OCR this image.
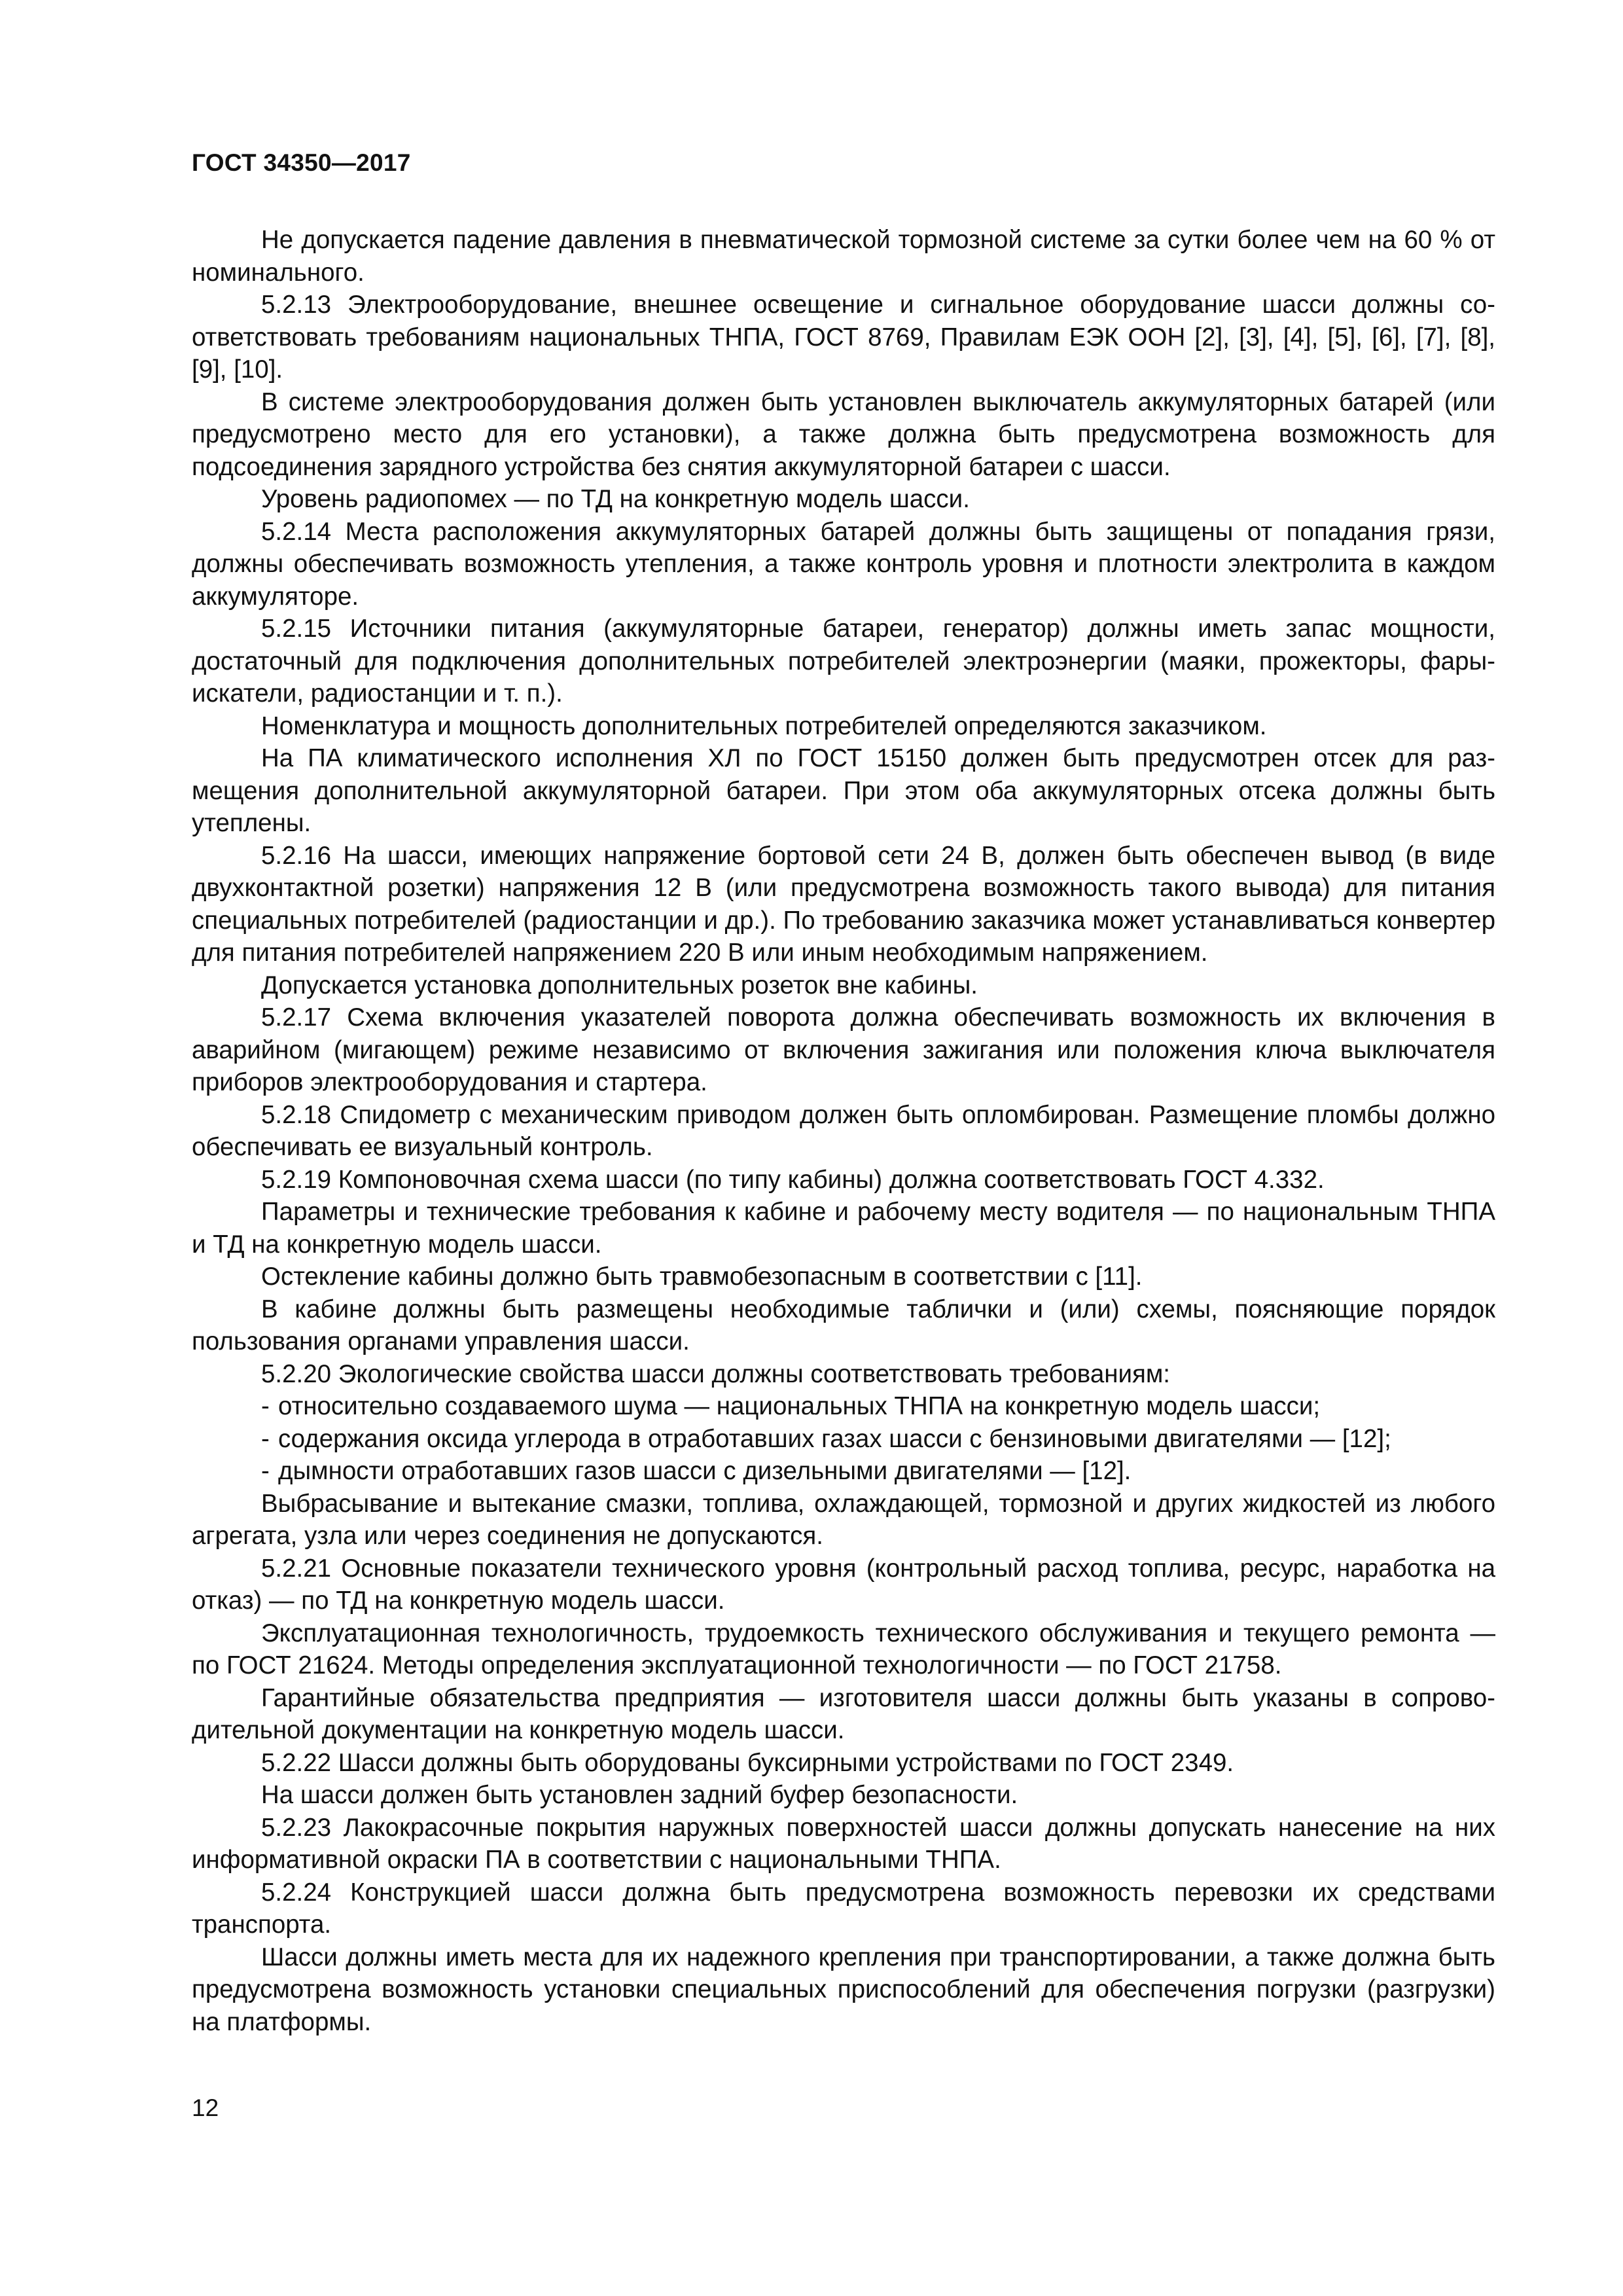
ГОСТ 34350—2017

Не допускается падение давления в пневматической тормозной системе за сутки более чем на 60 % от номинального.

5.2.13 Электрооборудование, внешнее освещение и сигнальное оборудование шасси должны соответствовать требованиям национальных ТНПА, ГОСТ 8769, Правилам ЕЭК ООН [2], [3], [4], [5], [6], [7], [8], [9], [10].

В системе электрооборудования должен быть установлен выключатель аккумуляторных батарей (или предусмотрено место для его установки), а также должна быть предусмотрена возможность для подсоединения зарядного устройства без снятия аккумуляторной батареи с шасси.

Уровень радиопомех — по ТД на конкретную модель шасси.

5.2.14 Места расположения аккумуляторных батарей должны быть защищены от попадания грязи, должны обеспечивать возможность утепления, а также контроль уровня и плотности электролита в каждом аккумуляторе.

5.2.15 Источники питания (аккумуляторные батареи, генератор) должны иметь запас мощности, достаточный для подключения дополнительных потребителей электроэнергии (маяки, прожекторы, фары-искатели, радиостанции и т. п.).

Номенклатура и мощность дополнительных потребителей определяются заказчиком.

На ПА климатического исполнения ХЛ по ГОСТ 15150 должен быть предусмотрен отсек для размещения дополнительной аккумуляторной батареи. При этом оба аккумуляторных отсека должны быть утеплены.

5.2.16 На шасси, имеющих напряжение бортовой сети 24 В, должен быть обеспечен вывод (в виде двухконтактной розетки) напряжения 12 В (или предусмотрена возможность такого вывода) для питания специальных потребителей (радиостанции и др.). По требованию заказчика может устанавливаться конвертер для питания потребителей напряжением 220 В или иным необходимым напряжением.

Допускается установка дополнительных розеток вне кабины.

5.2.17 Схема включения указателей поворота должна обеспечивать возможность их включения в аварийном (мигающем) режиме независимо от включения зажигания или положения ключа выключателя приборов электрооборудования и стартера.

5.2.18 Спидометр с механическим приводом должен быть опломбирован. Размещение пломбы должно обеспечивать ее визуальный контроль.

5.2.19 Компоновочная схема шасси (по типу кабины) должна соответствовать ГОСТ 4.332.

Параметры и технические требования к кабине и рабочему месту водителя — по национальным ТНПА и ТД на конкретную модель шасси.

Остекление кабины должно быть травмобезопасным в соответствии с [11].

В кабине должны быть размещены необходимые таблички и (или) схемы, поясняющие порядок пользования органами управления шасси.

5.2.20 Экологические свойства шасси должны соответствовать требованиям:

- относительно создаваемого шума — национальных ТНПА на конкретную модель шасси;

- содержания оксида углерода в отработавших газах шасси с бензиновыми двигателями — [12];

- дымности отработавших газов шасси с дизельными двигателями — [12].

Выбрасывание и вытекание смазки, топлива, охлаждающей, тормозной и других жидкостей из любого агрегата, узла или через соединения не допускаются.

5.2.21 Основные показатели технического уровня (контрольный расход топлива, ресурс, наработка на отказ) — по ТД на конкретную модель шасси.

Эксплуатационная технологичность, трудоемкость технического обслуживания и текущего ремонта — по ГОСТ 21624. Методы определения эксплуатационной технологичности — по ГОСТ 21758.

Гарантийные обязательства предприятия — изготовителя шасси должны быть указаны в сопроводительной документации на конкретную модель шасси.

5.2.22 Шасси должны быть оборудованы буксирными устройствами по ГОСТ 2349.

На шасси должен быть установлен задний буфер безопасности.

5.2.23 Лакокрасочные покрытия наружных поверхностей шасси должны допускать нанесение на них информативной окраски ПА в соответствии с национальными ТНПА.

5.2.24 Конструкцией шасси должна быть предусмотрена возможность перевозки их средствами транспорта.

Шасси должны иметь места для их надежного крепления при транспортировании, а также должна быть предусмотрена возможность установки специальных приспособлений для обеспечения погрузки (разгрузки) на платформы.

12
